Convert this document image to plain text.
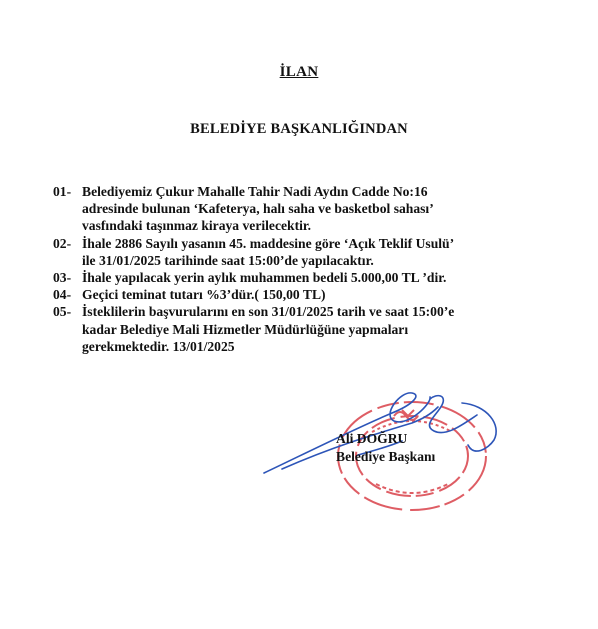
İLAN
BELEDİYE BAŞKANLIĞINDAN
01- Belediyemiz Çukur Mahalle Tahir Nadi Aydın Cadde No:16
adresinde bulunan ‘Kafeterya, halı saha ve basketbol sahası’
vasfındaki taşınmaz kiraya verilecektir.
02- İhale 2886 Sayılı yasanın 45. maddesine göre ‘Açık Teklif Usulü’
ile 31/01/2025 tarihinde saat 15:00’de yapılacaktır.
03- İhale yapılacak yerin aylık muhammen bedeli 5.000,00 TL ’dir.
04- Geçici teminat tutarı %3’dür.( 150,00 TL)
05- İsteklilerin başvurularını en son 31/01/2025 tarih ve saat 15:00’e
kadar Belediye Mali Hizmetler Müdürlüğüne yapmaları
gerekmektedir. 13/01/2025
Ali DOĞRU
Belediye Başkanı
